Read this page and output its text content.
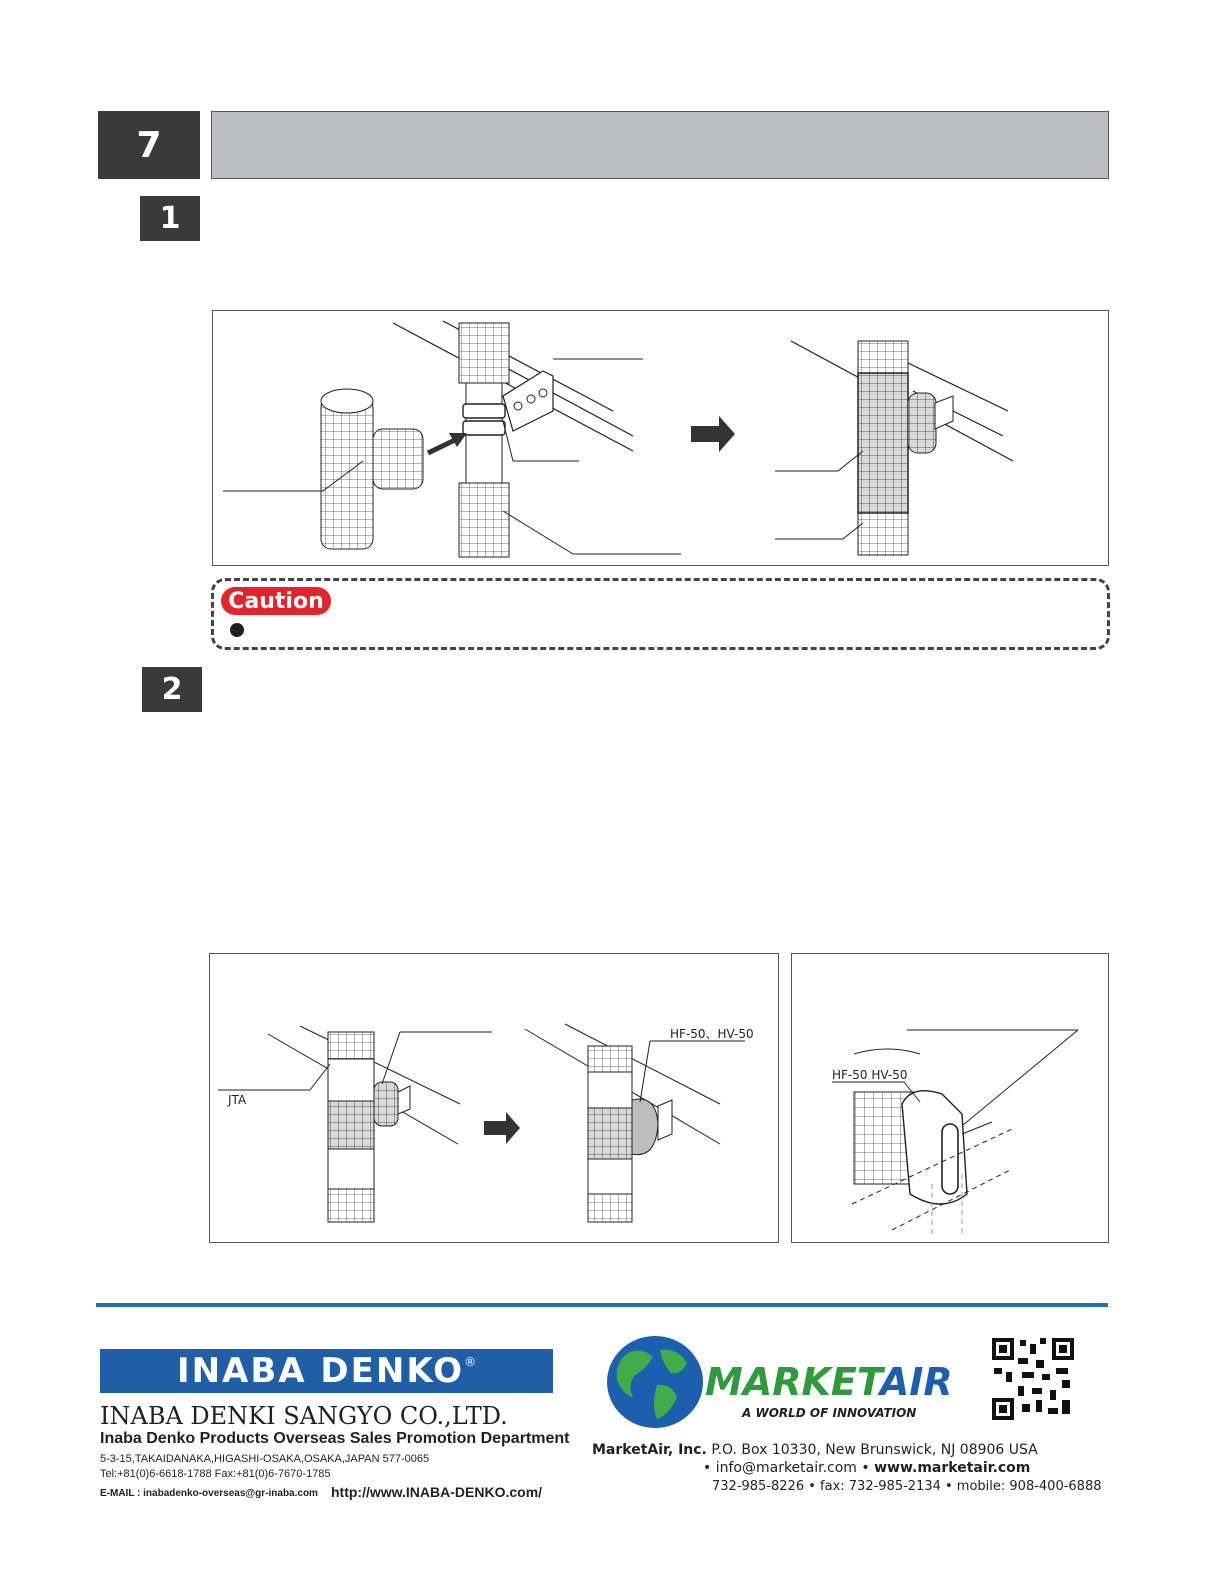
7
1
Caution
2
JTA
HF-50、HV-50
HF-50 HV-50
INABA DENKO ®
INABA DENKI SANGYO CO.,LTD.
Inaba Denko Products Overseas Sales Promotion Department
5-3-15,TAKAIDANAKA,HIGASHI-OSAKA,OSAKA,JAPAN 577-0065
Tel:+81(0)6-6618-1788 Fax:+81(0)6-7670-1785
E-MAIL : inabadenko-overseas@gr-inaba.com http://www.INABA-DENKO.com/
MARKETAIR
A WORLD OF INNOVATION
MarketAir, Inc. P.O. Box 10330, New Brunswick, NJ 08906 USA
• info@marketair.com • www.marketair.com
732-985-8226 • fax: 732-985-2134 • mobile: 908-400-6888
